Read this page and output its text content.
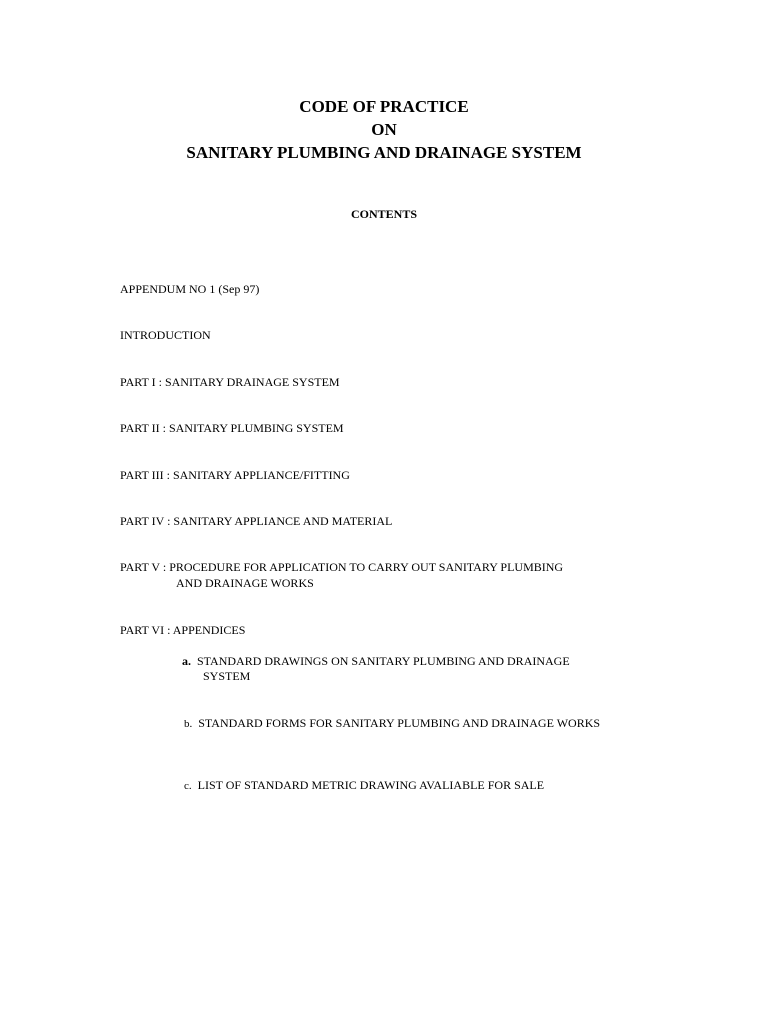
CODE OF PRACTICE
ON
SANITARY PLUMBING AND DRAINAGE SYSTEM
CONTENTS
APPENDUM NO 1 (Sep 97)
INTRODUCTION
PART I : SANITARY DRAINAGE SYSTEM
PART II : SANITARY PLUMBING SYSTEM
PART III : SANITARY APPLIANCE/FITTING
PART IV : SANITARY APPLIANCE AND MATERIAL
PART V : PROCEDURE FOR APPLICATION TO CARRY OUT SANITARY PLUMBING
AND DRAINAGE WORKS
PART VI : APPENDICES
a. STANDARD DRAWINGS ON SANITARY PLUMBING AND DRAINAGE
SYSTEM
b. STANDARD FORMS FOR SANITARY PLUMBING AND DRAINAGE WORKS
c. LIST OF STANDARD METRIC DRAWING AVALIABLE FOR SALE
